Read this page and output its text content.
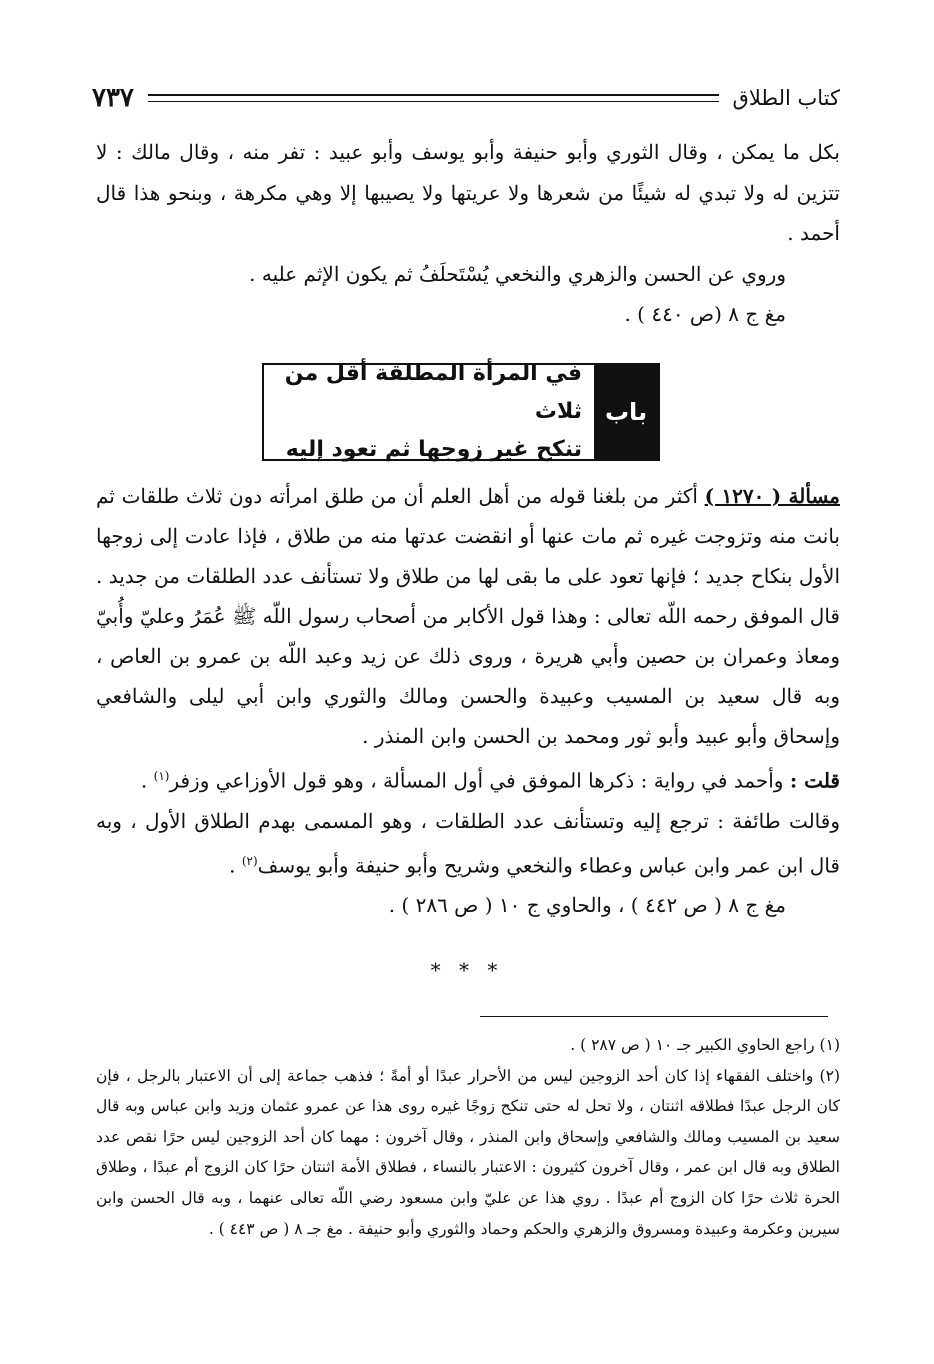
كتاب الطلاق
٧٣٧

بكل ما يمكن ، وقال الثوري وأبو حنيفة وأبو يوسف وأبو عبيد : تفر منه ، وقال مالك : لا تتزين له ولا تبدي له شيئًا من شعرها ولا عريتها ولا يصيبها إلا وهي مكرهة ، وبنحو هذا قال أحمد .

وروي عن الحسن والزهري والنخعي يُسْتَحلَفُ ثم يكون الإثم عليه .

مغ ج ٨ (ص ٤٤٠ ) .

باب
في المرأة المطلقة أقل من ثلاث
تنكح غير زوجها ثم تعود إليه

مسألة ( ١٢٧٠ ) أكثر من بلغنا قوله من أهل العلم أن من طلق امرأته دون ثلاث طلقات ثم بانت منه وتزوجت غيره ثم مات عنها أو انقضت عدتها منه من طلاق ، فإذا عادت إلى زوجها الأول بنكاح جديد ؛ فإنها تعود على ما بقى لها من طلاق ولا تستأنف عدد الطلقات من جديد . قال الموفق رحمه اللّه تعالى : وهذا قول الأكابر من أصحاب رسول اللّه ﷺ عُمَرُ وعليّ وأُبيّ ومعاذ وعمران بن حصين وأبي هريرة ، وروى ذلك عن زيد وعبد اللّه بن عمرو بن العاص ، وبه قال سعيد بن المسيب وعبيدة والحسن ومالك والثوري وابن أبي ليلى والشافعي وإسحاق وأبو عبيد وأبو ثور ومحمد بن الحسن وابن المنذر .

قلت : وأحمد في رواية : ذكرها الموفق في أول المسألة ، وهو قول الأوزاعي وزفر$^{(١)}$ .

وقالت طائفة : ترجع إليه وتستأنف عدد الطلقات ، وهو المسمى بهدم الطلاق الأول ، وبه قال ابن عمر وابن عباس وعطاء والنخعي وشريح وأبو حنيفة وأبو يوسف$^{(٢)}$ .

مغ ج ٨ ( ص ٤٤٢ ) ، والحاوي ج ١٠ ( ص ٢٨٦ ) .

* * *

(١) راجع الحاوي الكبير جـ ١٠ ( ص ٢٨٧ ) .

(٢) واختلف الفقهاء إذا كان أحد الزوجين ليس من الأحرار عبدًا أو أمةً ؛ فذهب جماعة إلى أن الاعتبار بالرجل ، فإن كان الرجل عبدًا فطلاقه اثنتان ، ولا تحل له حتى تنكح زوجًا غيره روى هذا عن عمرو عثمان وزيد وابن عباس وبه قال سعيد بن المسيب ومالك والشافعي وإسحاق وابن المنذر ، وقال آخرون : مهما كان أحد الزوجين ليس حرًا نقص عدد الطلاق وبه قال ابن عمر ، وقال آخرون كثيرون : الاعتبار بالنساء ، فطلاق الأمة اثنتان حرًا كان الزوج أم عبدًا ، وطلاق الحرة ثلاث حرًا كان الزوج أم عبدًا . روي هذا عن عليّ وابن مسعود رضي اللّه تعالى عنهما ، وبه قال الحسن وابن سيرين وعكرمة وعبيدة ومسروق والزهري والحكم وحماد والثوري وأبو حنيفة . مغ جـ ٨ ( ص ٤٤٣ ) .
